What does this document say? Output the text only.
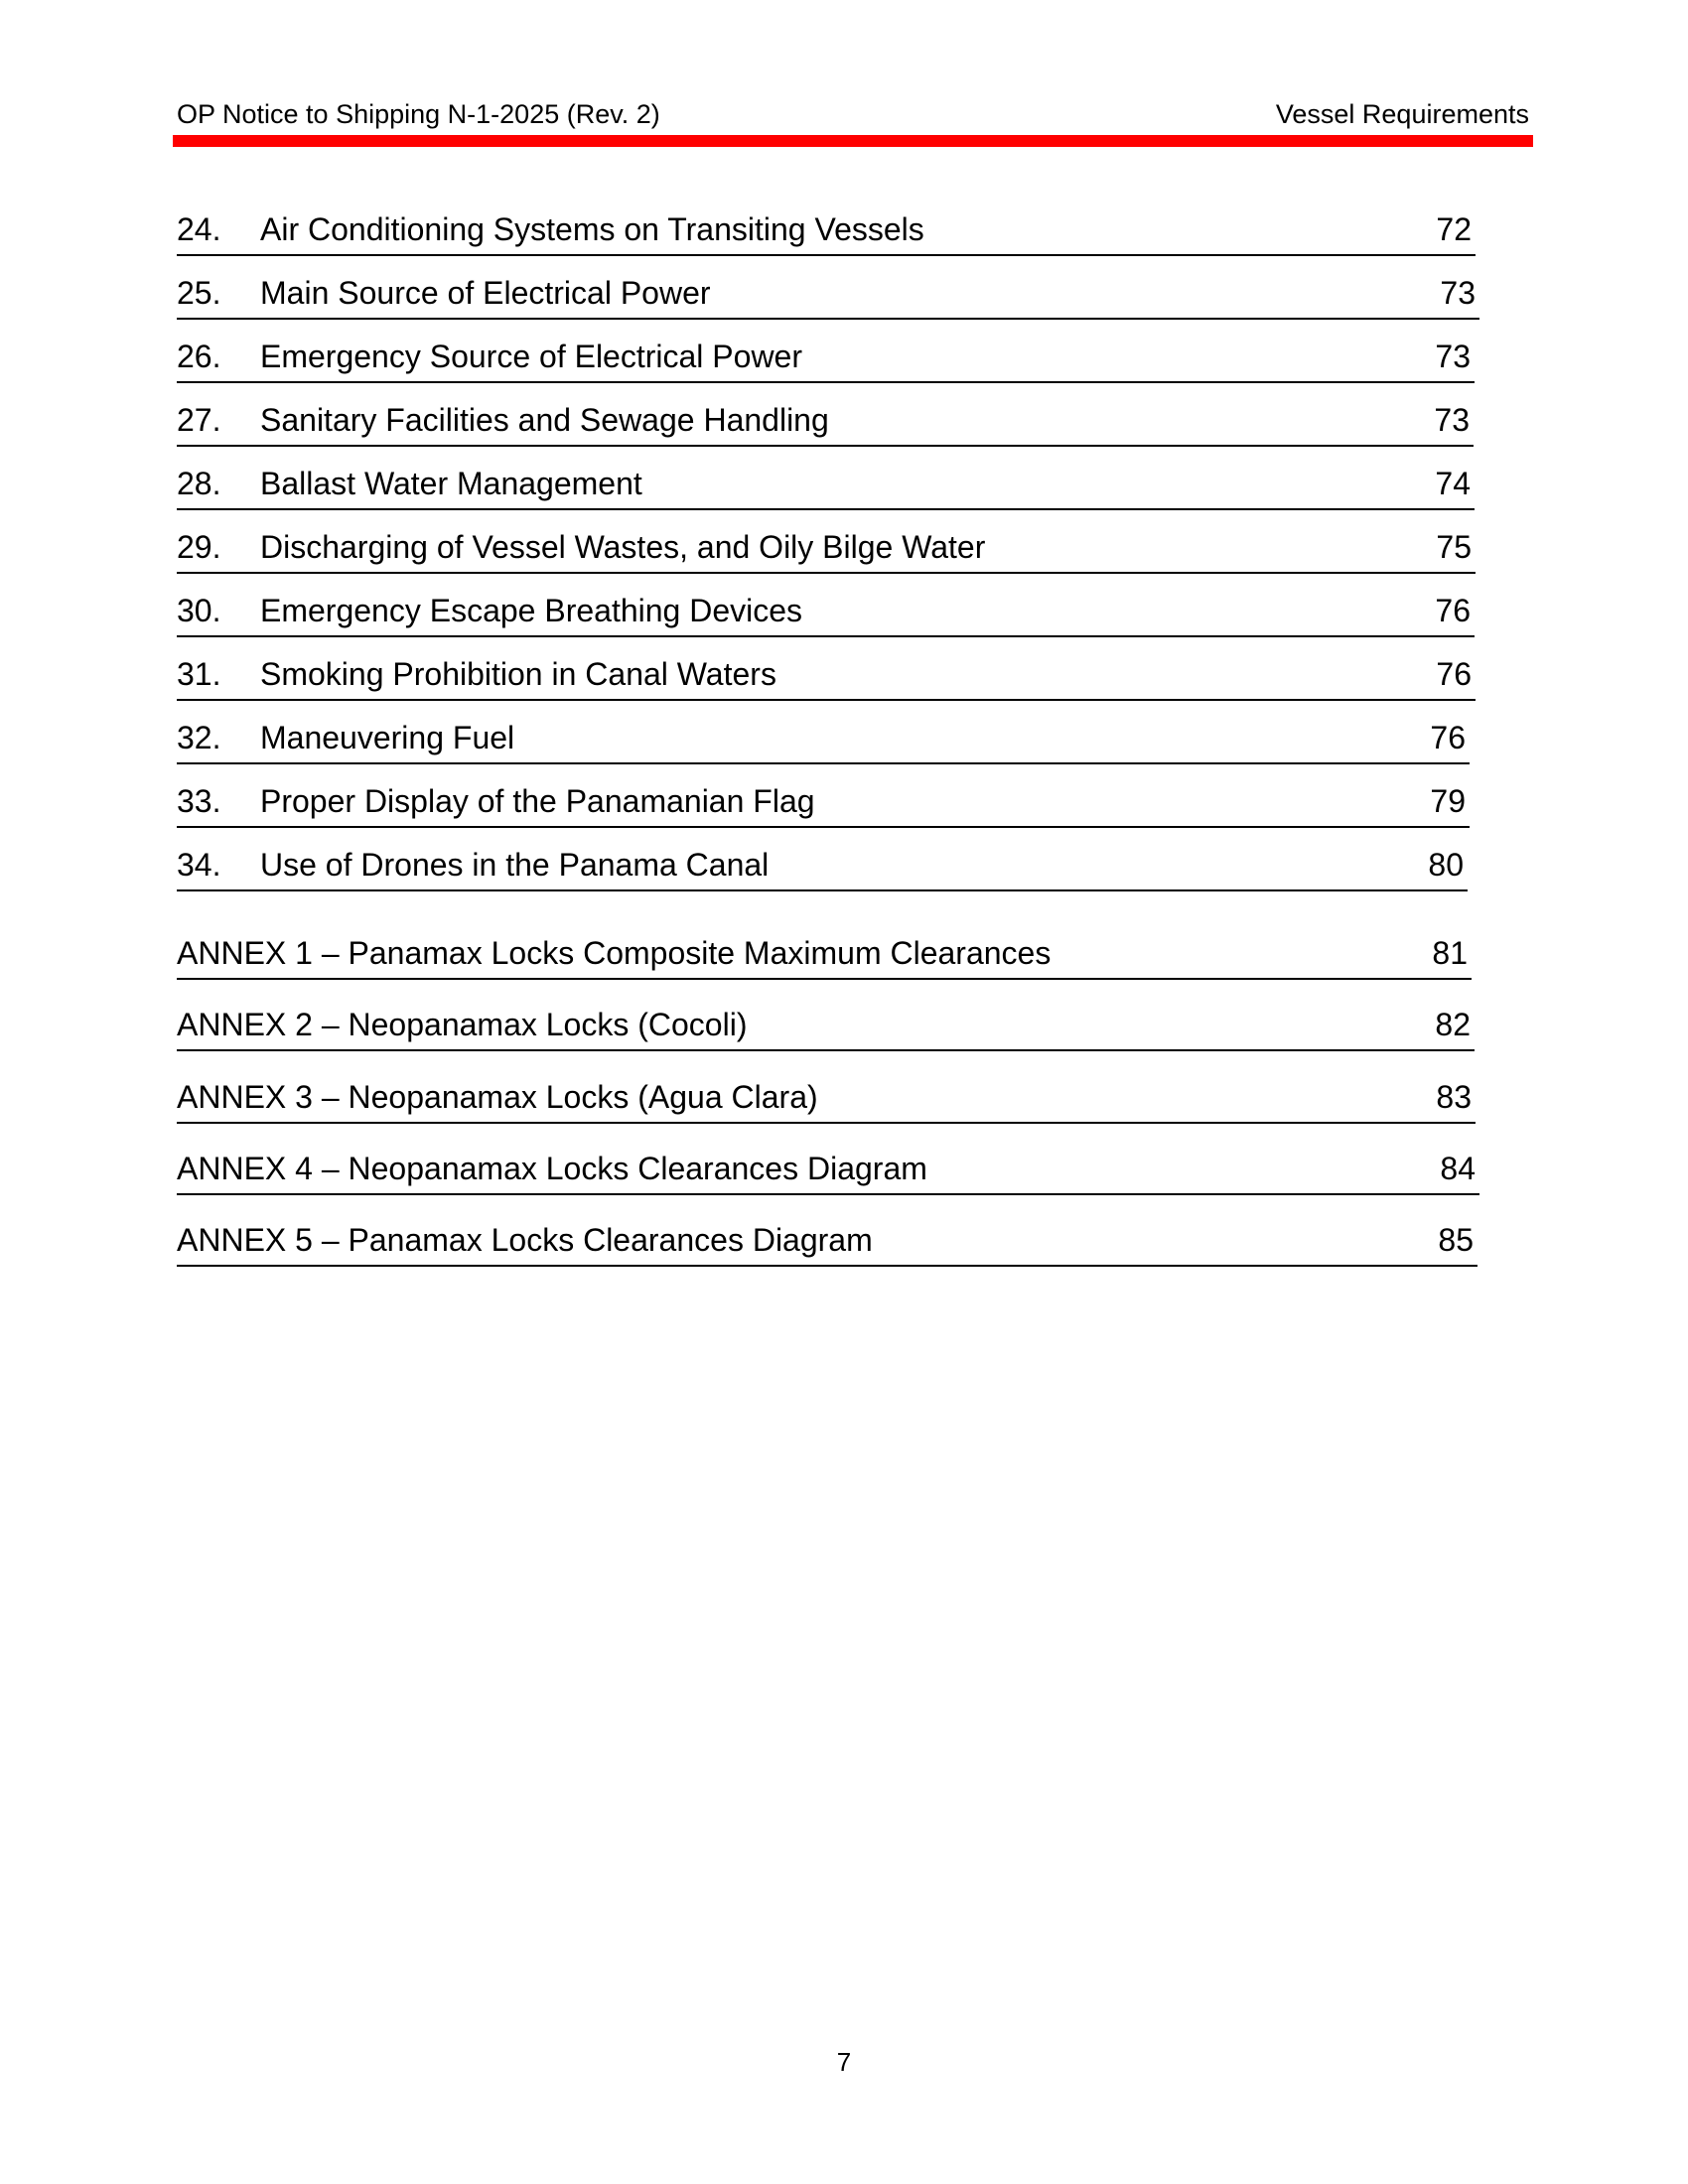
OP Notice to Shipping N-1-2025 (Rev. 2)	Vessel Requirements
24. Air Conditioning Systems on Transiting Vessels	72
25. Main Source of Electrical Power	73
26. Emergency Source of Electrical Power	73
27. Sanitary Facilities and Sewage Handling	73
28. Ballast Water Management	74
29. Discharging of Vessel Wastes, and Oily Bilge Water	75
30. Emergency Escape Breathing Devices	76
31. Smoking Prohibition in Canal Waters	76
32. Maneuvering Fuel	76
33. Proper Display of the Panamanian Flag	79
34. Use of Drones in the Panama Canal	80
ANNEX 1 – Panamax Locks Composite Maximum Clearances	81
ANNEX 2 – Neopanamax Locks (Cocoli)	82
ANNEX 3 – Neopanamax Locks (Agua Clara)	83
ANNEX 4 – Neopanamax Locks Clearances Diagram	84
ANNEX 5 – Panamax Locks Clearances Diagram	85
7
